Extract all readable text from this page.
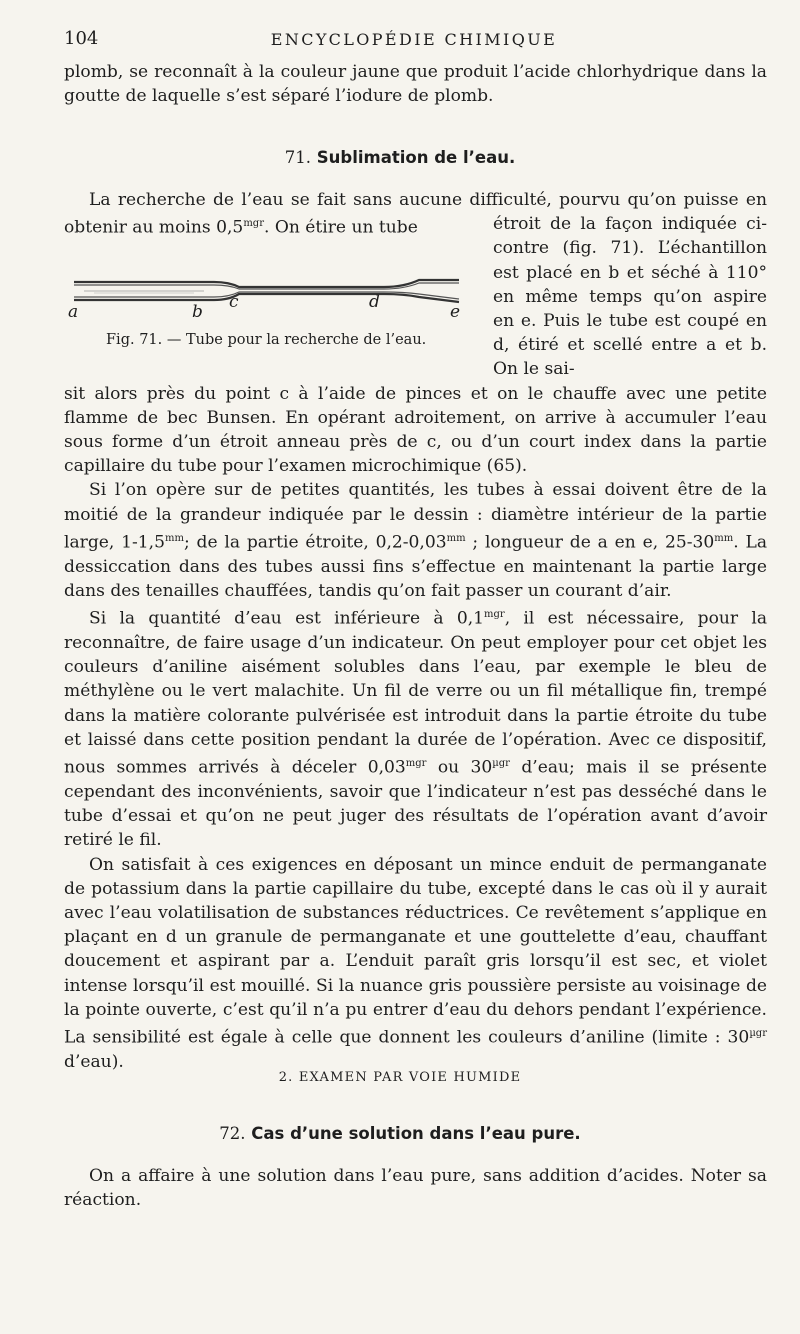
104	ENCYCLOPÉDIE CHIMIQUE

plomb, se reconnaît à la couleur jaune que produit l’acide chlorhydrique dans la goutte de laquelle s’est séparé l’iodure de plomb.

71. Sublimation de l’eau.
a	b c	d	e
Fig. 71. — Tube pour la recherche de l’eau.

La recherche de l’eau se fait sans aucune difficulté, pourvu qu’on puisse en obtenir au moins $0,5^{mgr}$. On étire un tube	étroit de la façon indiquée ci-contre (fig. 71). L’échantillon est placé en b et séché à 110° en même temps qu’on aspire en e. Puis le tube est coupé en d, étiré et scellé entre a et b. On le sai-

sit alors près du point c à l’aide de pinces et on le chauffe avec une petite flamme de bec Bunsen. En opérant adroitement, on arrive à accumuler l’eau sous forme d’un étroit anneau près de c, ou d’un court index dans la partie capillaire du tube pour l’examen microchimique (65).

Si l’on opère sur de petites quantités, les tubes à essai doivent être de la moitié de la grandeur indiquée par le dessin : diamètre intérieur de la partie large, $1-1,5^{mm}$; de la partie étroite, $0,2-0,03^{mm}$ ; longueur de a en e, $25-30^{mm}$. La dessiccation dans des tubes aussi fins s’effectue en maintenant la partie large dans des tenailles chauffées, tandis qu’on fait passer un courant d’air.

Si la quantité d’eau est inférieure à $0,1^{mgr}$, il est nécessaire, pour la reconnaître, de faire usage d’un indicateur. On peut employer pour cet objet les couleurs d’aniline aisément solubles dans l’eau, par exemple le bleu de méthylène ou le vert malachite. Un fil de verre ou un fil métallique fin, trempé dans la matière colorante pulvérisée est introduit dans la partie étroite du tube et laissé dans cette position pendant la durée de l’opération. Avec ce dispositif, nous sommes arrivés à déceler $0,03^{mgr}$ ou $30^{\mu gr}$ d’eau; mais il se présente cependant des inconvénients, savoir que l’indicateur n’est pas desséché dans le tube d’essai et qu’on ne peut juger des résultats de l’opération avant d’avoir retiré le fil.

On satisfait à ces exigences en déposant un mince enduit de permanganate de potassium dans la partie capillaire du tube, excepté dans le cas où il y aurait avec l’eau volatilisation de substances réductrices. Ce revêtement s’applique en plaçant en d un granule de permanganate et une gouttelette d’eau, chauffant doucement et aspirant par a. L’enduit paraît gris lorsqu’il est sec, et violet intense lorsqu’il est mouillé. Si la nuance gris poussière persiste au voisinage de la pointe ouverte, c’est qu’il n’a pu entrer d’eau du dehors pendant l’expérience. La sensibilité est égale à celle que donnent les couleurs d’aniline (limite : $30^{\mu gr}$ d’eau).

2. EXAMEN PAR VOIE HUMIDE
72. Cas d’une solution dans l’eau pure.

On a affaire à une solution dans l’eau pure, sans addition d’acides. Noter sa réaction.
